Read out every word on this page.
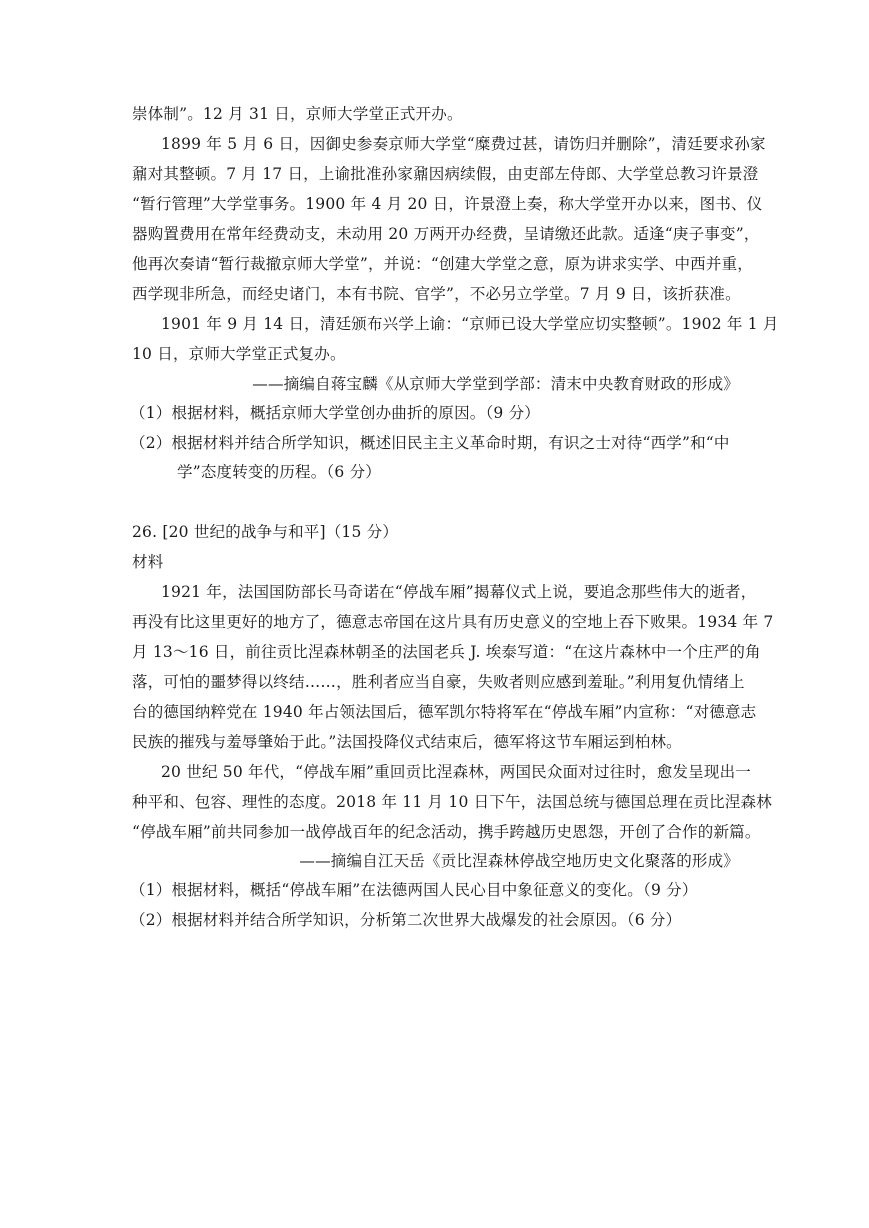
崇体制”。12 月 31 日，京师大学堂正式开办。
1899 年 5 月 6 日，因御史参奏京师大学堂“糜费过甚，请饬归并删除”，清廷要求孙家
鼐对其整顿。7 月 17 日，上谕批准孙家鼐因病续假，由吏部左侍郎、大学堂总教习许景澄
“暂行管理”大学堂事务。1900 年 4 月 20 日，许景澄上奏，称大学堂开办以来，图书、仪
器购置费用在常年经费动支，未动用 20 万两开办经费，呈请缴还此款。适逢“庚子事变”，
他再次奏请“暂行裁撤京师大学堂”，并说：“创建大学堂之意，原为讲求实学、中西并重，
西学现非所急，而经史诸门，本有书院、官学”，不必另立学堂。7 月 9 日，该折获准。
1901 年 9 月 14 日，清廷颁布兴学上谕：“京师已设大学堂应切实整顿”。1902 年 1 月
10 日，京师大学堂正式复办。
——摘编自蒋宝麟《从京师大学堂到学部：清末中央教育财政的形成》
（1）根据材料，概括京师大学堂创办曲折的原因。（9 分）
（2）根据材料并结合所学知识，概述旧民主主义革命时期，有识之士对待“西学”和“中
学”态度转变的历程。（6 分）
26. [20 世纪的战争与和平]（15 分）
材料
1921 年，法国国防部长马奇诺在“停战车厢”揭幕仪式上说，要追念那些伟大的逝者，
再没有比这里更好的地方了，德意志帝国在这片具有历史意义的空地上吞下败果。1934 年 7
月 13～16 日，前往贡比涅森林朝圣的法国老兵 J. 埃泰写道：“在这片森林中一个庄严的角
落，可怕的噩梦得以终结……，胜利者应当自豪，失败者则应感到羞耻。”利用复仇情绪上
台的德国纳粹党在 1940 年占领法国后，德军凯尔特将军在“停战车厢”内宣称：“对德意志
民族的摧残与羞辱肇始于此。”法国投降仪式结束后，德军将这节车厢运到柏林。
20 世纪 50 年代，“停战车厢”重回贡比涅森林，两国民众面对过往时，愈发呈现出一
种平和、包容、理性的态度。2018 年 11 月 10 日下午，法国总统与德国总理在贡比涅森林
“停战车厢”前共同参加一战停战百年的纪念活动，携手跨越历史恩怨，开创了合作的新篇。
——摘编自江天岳《贡比涅森林停战空地历史文化聚落的形成》
（1）根据材料，概括“停战车厢”在法德两国人民心目中象征意义的变化。（9 分）
（2）根据材料并结合所学知识，分析第二次世界大战爆发的社会原因。（6 分）
